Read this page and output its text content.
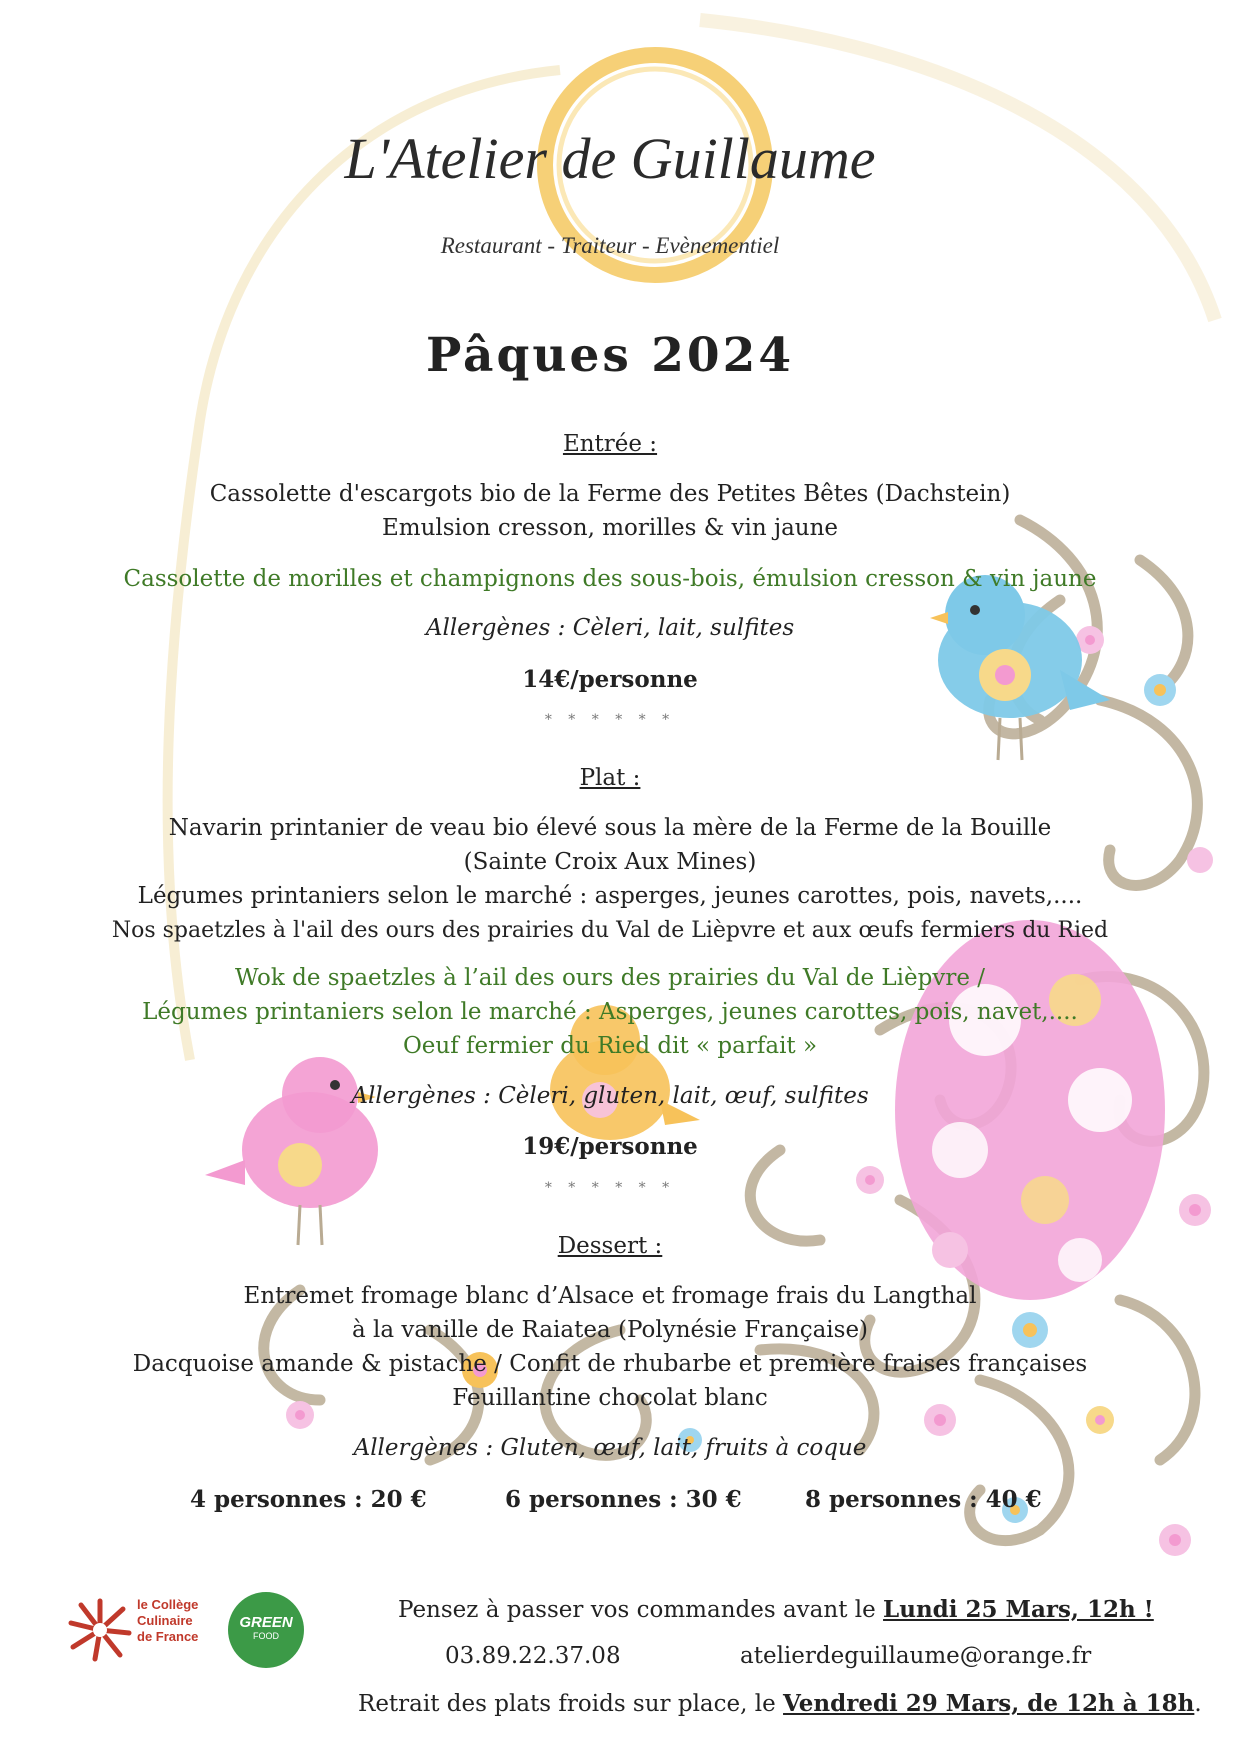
L'Atelier de Guillaume
Restaurant - Traiteur - Evènementiel
Pâques 2024
Entrée :
Cassolette d'escargots bio de la Ferme des Petites Bêtes (Dachstein)
Emulsion cresson, morilles & vin jaune
Cassolette de morilles et champignons des sous-bois, émulsion cresson & vin jaune
Allergènes : Cèleri, lait, sulfites
14€/personne
* * * * * *
Plat :
Navarin printanier de veau bio élevé sous la mère de la Ferme de la Bouille
(Sainte Croix Aux Mines)
Légumes printaniers selon le marché : asperges, jeunes carottes, pois, navets,....
Nos spaetzles à l'ail des ours des prairies du Val de Lièpvre et aux œufs fermiers du Ried
Wok de spaetzles à l’ail des ours des prairies du Val de Lièpvre /
Légumes printaniers selon le marché : Asperges, jeunes carottes, pois, navet,....
Oeuf fermier du Ried dit « parfait »
Allergènes : Cèleri, gluten, lait, œuf, sulfites
19€/personne
* * * * * *
Dessert :
Entremet fromage blanc d’Alsace et fromage frais du Langthal
à la vanille de Raiatea (Polynésie Française)
Dacquoise amande & pistache / Confit de rhubarbe et première fraises françaises
Feuillantine chocolat blanc
Allergènes : Gluten, œuf, lait, fruits à coque
4 personnes : 20 €	6 personnes : 30 €	8 personnes : 40 €
le Collège
Culinaire
de France
GREEN
FOOD
Pensez à passer vos commandes avant le Lundi 25 Mars, 12h !
03.89.22.37.08	atelierdeguillaume@orange.fr
Retrait des plats froids sur place, le Vendredi 29 Mars, de 12h à 18h.
